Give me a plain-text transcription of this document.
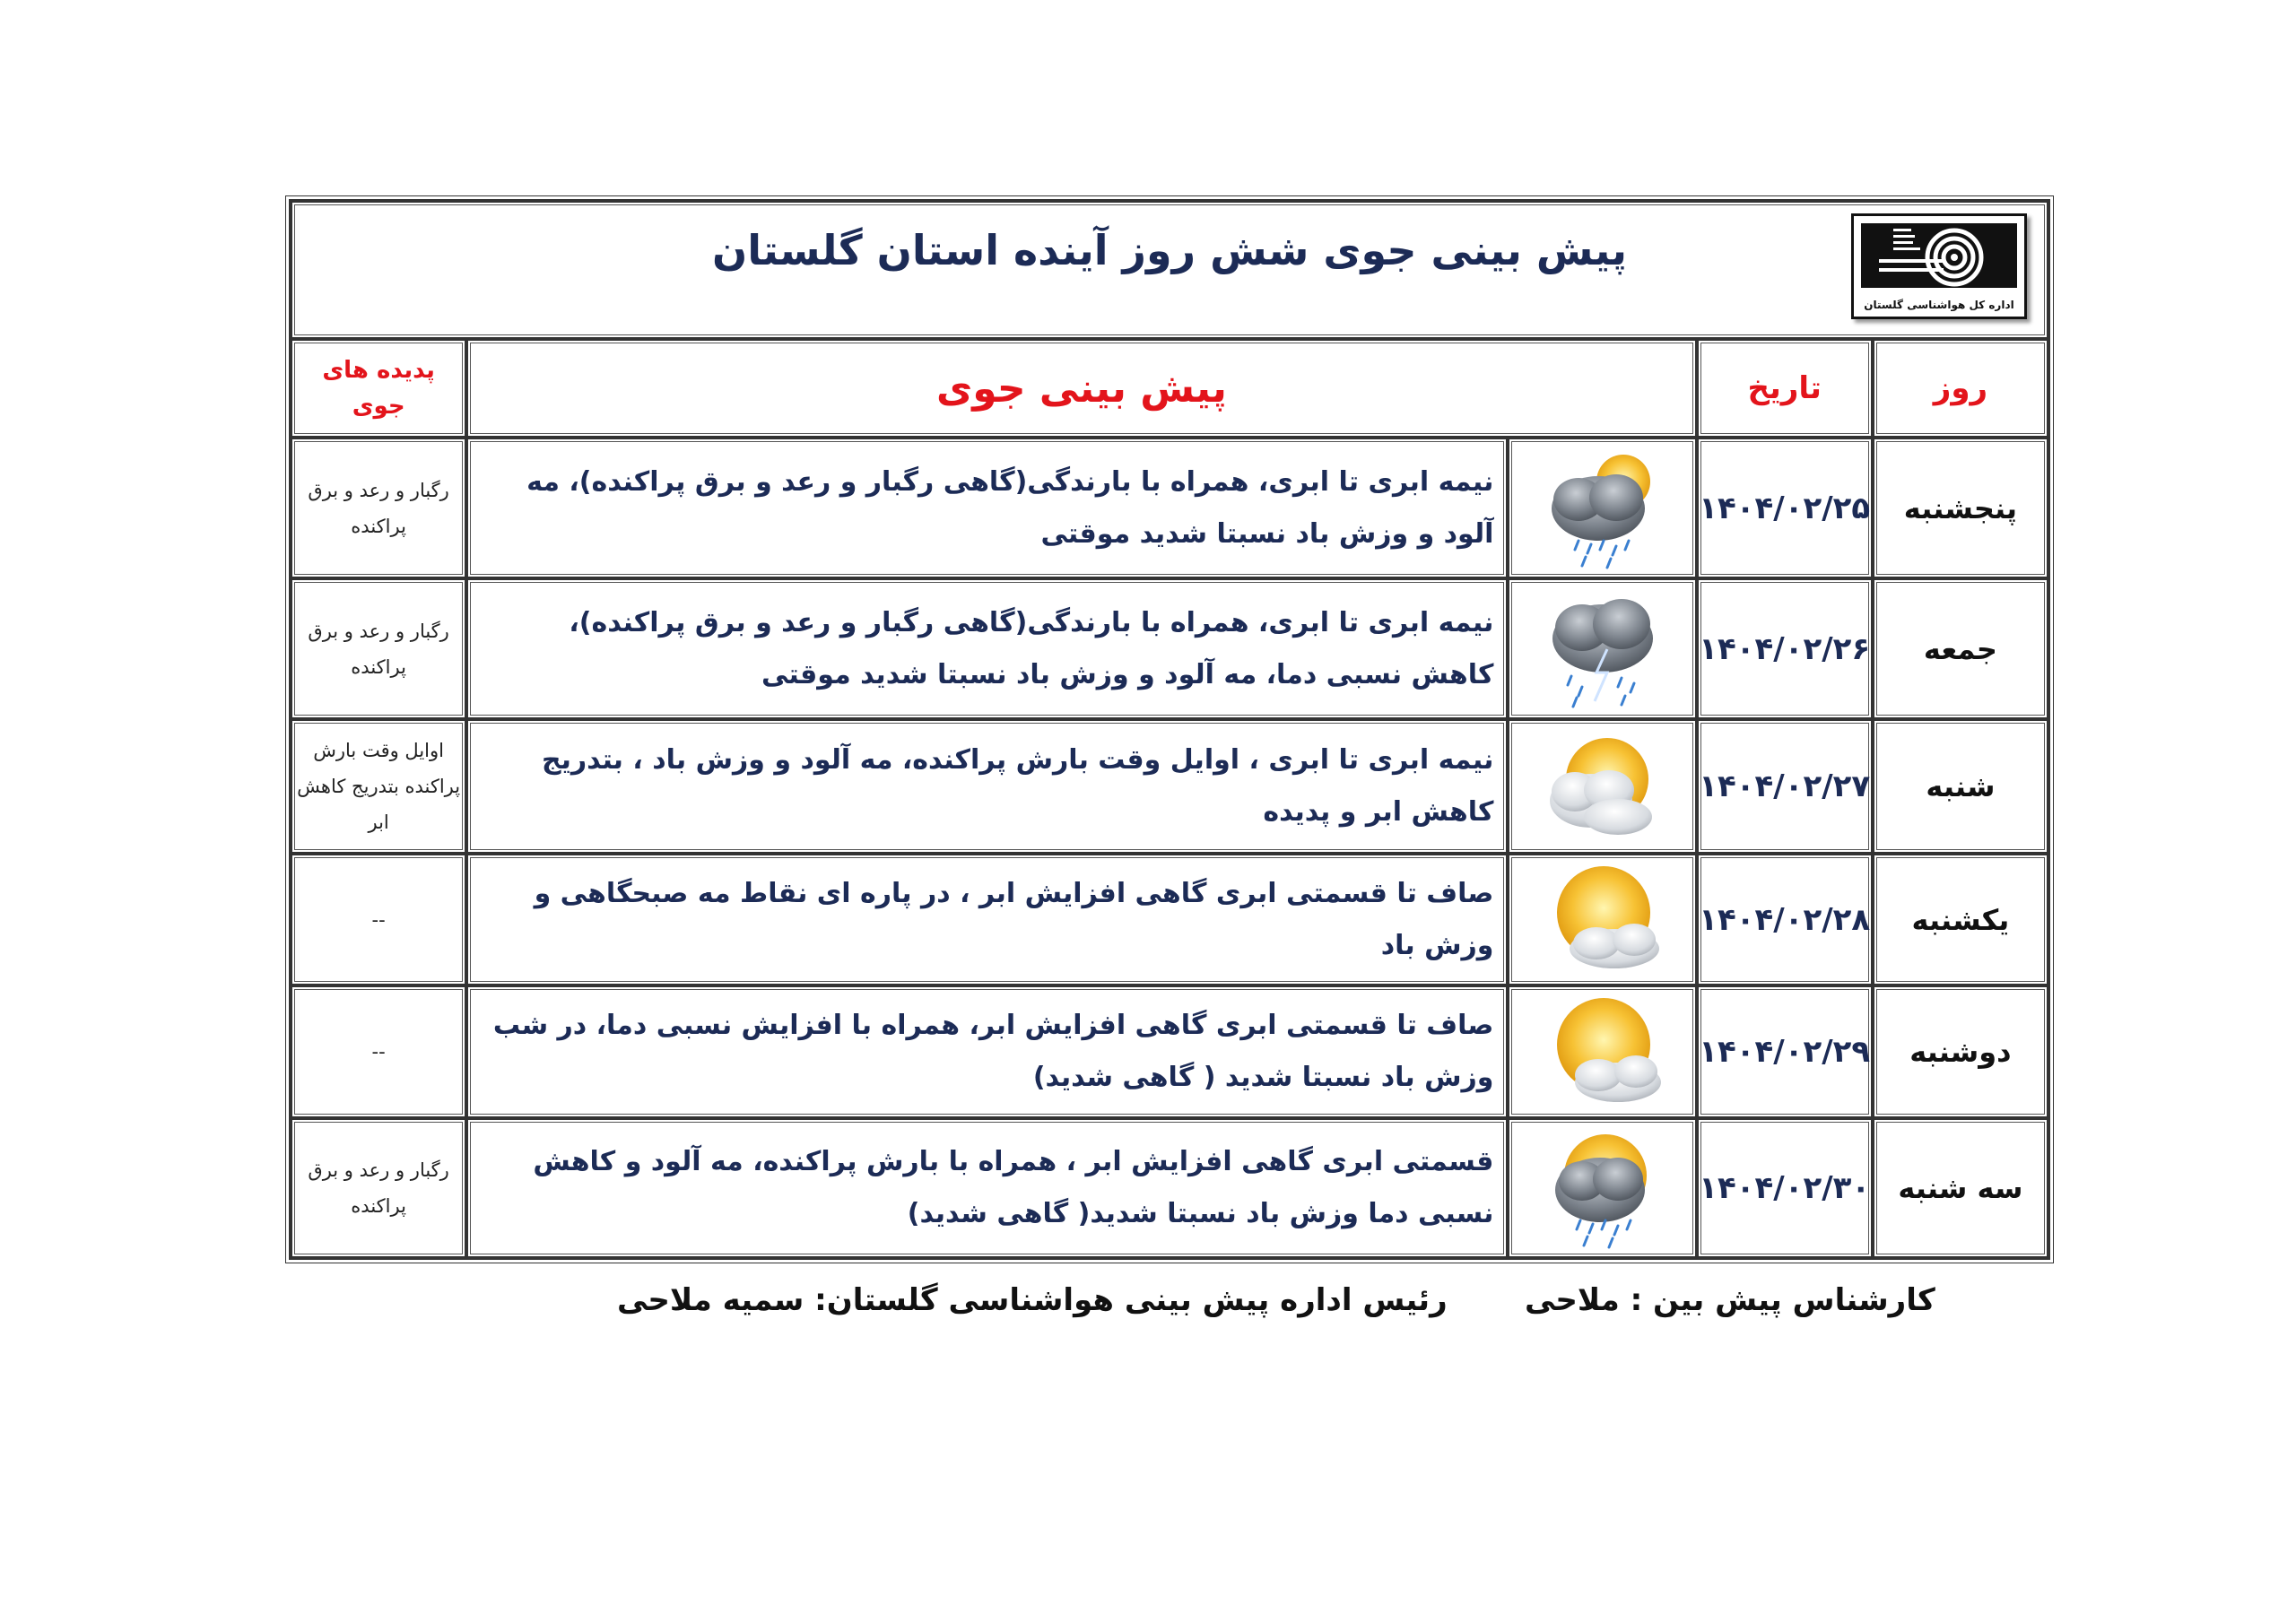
اداره کل هواشناسی گلستان
پیش بینی جوی شش روز آینده استان گلستان				

روز	تاریخ	پیش بینی جوی		پدیده های
جوی

پنجشنبه	۱۴۰۴/۰۲/۲۵		نیمه ابری تا ابری، همراه با بارندگی(گاهی رگبار و رعد و برق پراکنده)، مه آلود و وزش باد نسبتا شدید موقتی	رگبار و رعد و برق پراکنده
جمعه	۱۴۰۴/۰۲/۲۶		نیمه ابری تا ابری، همراه با بارندگی(گاهی رگبار و رعد و برق پراکنده)، کاهش نسبی دما، مه آلود و وزش باد نسبتا شدید موقتی	رگبار و رعد و برق پراکنده
شنبه	۱۴۰۴/۰۲/۲۷		نیمه ابری تا ابری ، اوایل وقت بارش پراکنده، مه آلود و وزش باد ، بتدریج کاهش ابر و پدیده	اوایل وقت بارش پراکنده بتدریج کاهش ابر
یکشنبه	۱۴۰۴/۰۲/۲۸		صاف تا قسمتی ابری گاهی افزایش ابر ، در پاره ای نقاط مه صبحگاهی و وزش باد	--
دوشنبه	۱۴۰۴/۰۲/۲۹		صاف تا قسمتی ابری گاهی افزایش ابر، همراه با افزایش نسبی دما، در شب وزش باد نسبتا شدید ( گاهی شدید)	--
سه شنبه	۱۴۰۴/۰۲/۳۰		قسمتی ابری گاهی افزایش ابر ، همراه با بارش پراکنده، مه آلود و کاهش نسبی دما وزش باد نسبتا شدید( گاهی شدید)	رگبار و رعد و برق پراکنده
کارشناس پیش بین : ملاحی
رئیس اداره پیش بینی هواشناسی گلستان: سمیه ملاحی
